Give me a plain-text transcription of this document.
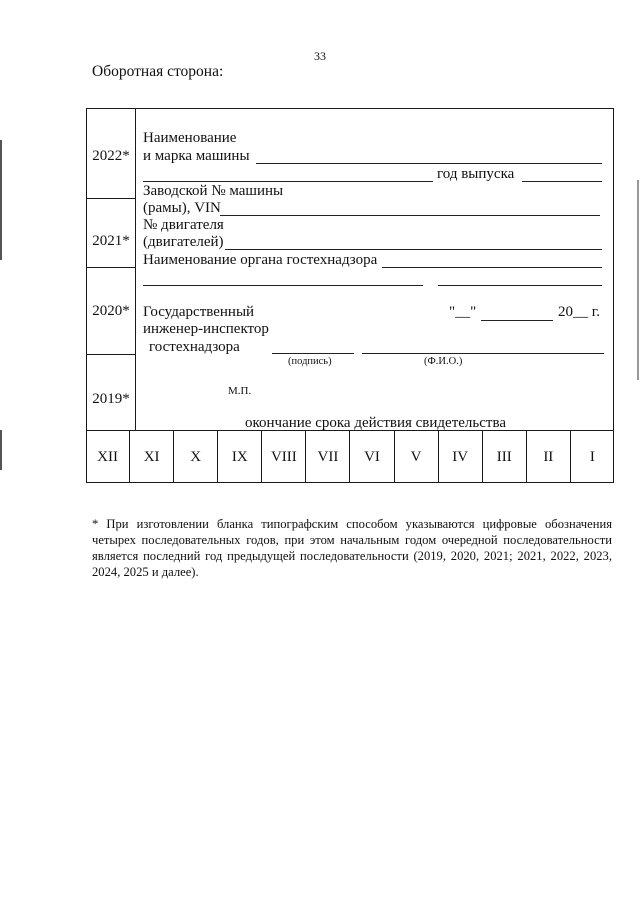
33
Оборотная сторона:
2022*
2021*
2020*
2019*
Наименование
и марка машины
год выпуска
Заводской № машины
(рамы), VIN
№ двигателя
(двигателей)
Наименование органа гостехнадзора
Государственный
инженер-инспектор
гостехнадзора
"__"	20__ г.
(подпись)	(Ф.И.О.)
М.П.
окончание срока действия свидетельства
XII	XI	X	IX	VIII	VII	VI	V	IV	III	II	I
* При изготовлении бланка типографским способом указываются цифровые обозначения четырех последовательных годов, при этом начальным годом очередной последовательности является последний год предыдущей последовательности (2019, 2020, 2021; 2021, 2022, 2023, 2024, 2025 и далее).
